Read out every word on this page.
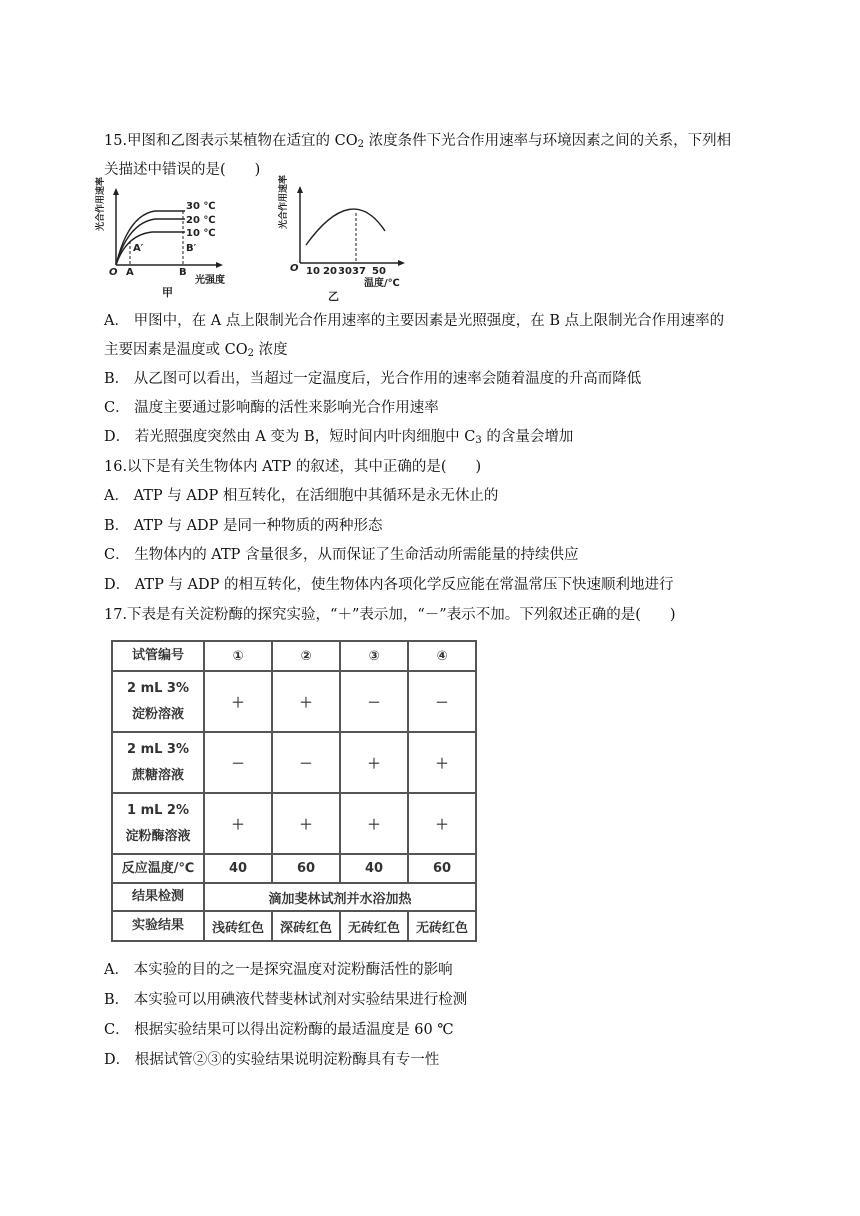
15.甲图和乙图表示某植物在适宜的 $CO_2$ 浓度条件下光合作用速率与环境因素之间的关系，下列相
关描述中错误的是(　　)
光合作用速率
O A	B
A′	B′
30 ℃
20 ℃
10 ℃
光强度
甲
光合作用速率
O 10 20 30 37 50
温度/℃
乙
A． 甲图中，在 A 点上限制光合作用速率的主要因素是光照强度，在 B 点上限制光合作用速率的
主要因素是温度或 $CO_2$ 浓度
B． 从乙图可以看出，当超过一定温度后，光合作用的速率会随着温度的升高而降低
C． 温度主要通过影响酶的活性来影响光合作用速率
D． 若光照强度突然由 A 变为 B，短时间内叶肉细胞中 $C_3$ 的含量会增加
16.以下是有关生物体内 ATP 的叙述，其中正确的是(　　)
A． ATP 与 ADP 相互转化，在活细胞中其循环是永无休止的
B． ATP 与 ADP 是同一种物质的两种形态
C． 生物体内的 ATP 含量很多，从而保证了生命活动所需能量的持续供应
D． ATP 与 ADP 的相互转化，使生物体内各项化学反应能在常温常压下快速顺利地进行
17.下表是有关淀粉酶的探究实验，“＋”表示加，“－”表示不加。下列叙述正确的是(　　)
试管编号	①	②	③	④

2 mL 3%
淀粉溶液	＋	＋	－	－

2 mL 3%
蔗糖溶液	－	－	＋	＋

1 mL 2%
淀粉酶溶液	＋	＋	＋	＋
反应温度/℃	40	60	40	60
结果检测	滴加斐林试剂并水浴加热			
实验结果	浅砖红色	深砖红色	无砖红色	无砖红色
A． 本实验的目的之一是探究温度对淀粉酶活性的影响
B． 本实验可以用碘液代替斐林试剂对实验结果进行检测
C． 根据实验结果可以得出淀粉酶的最适温度是 60 ℃
D． 根据试管②③的实验结果说明淀粉酶具有专一性
